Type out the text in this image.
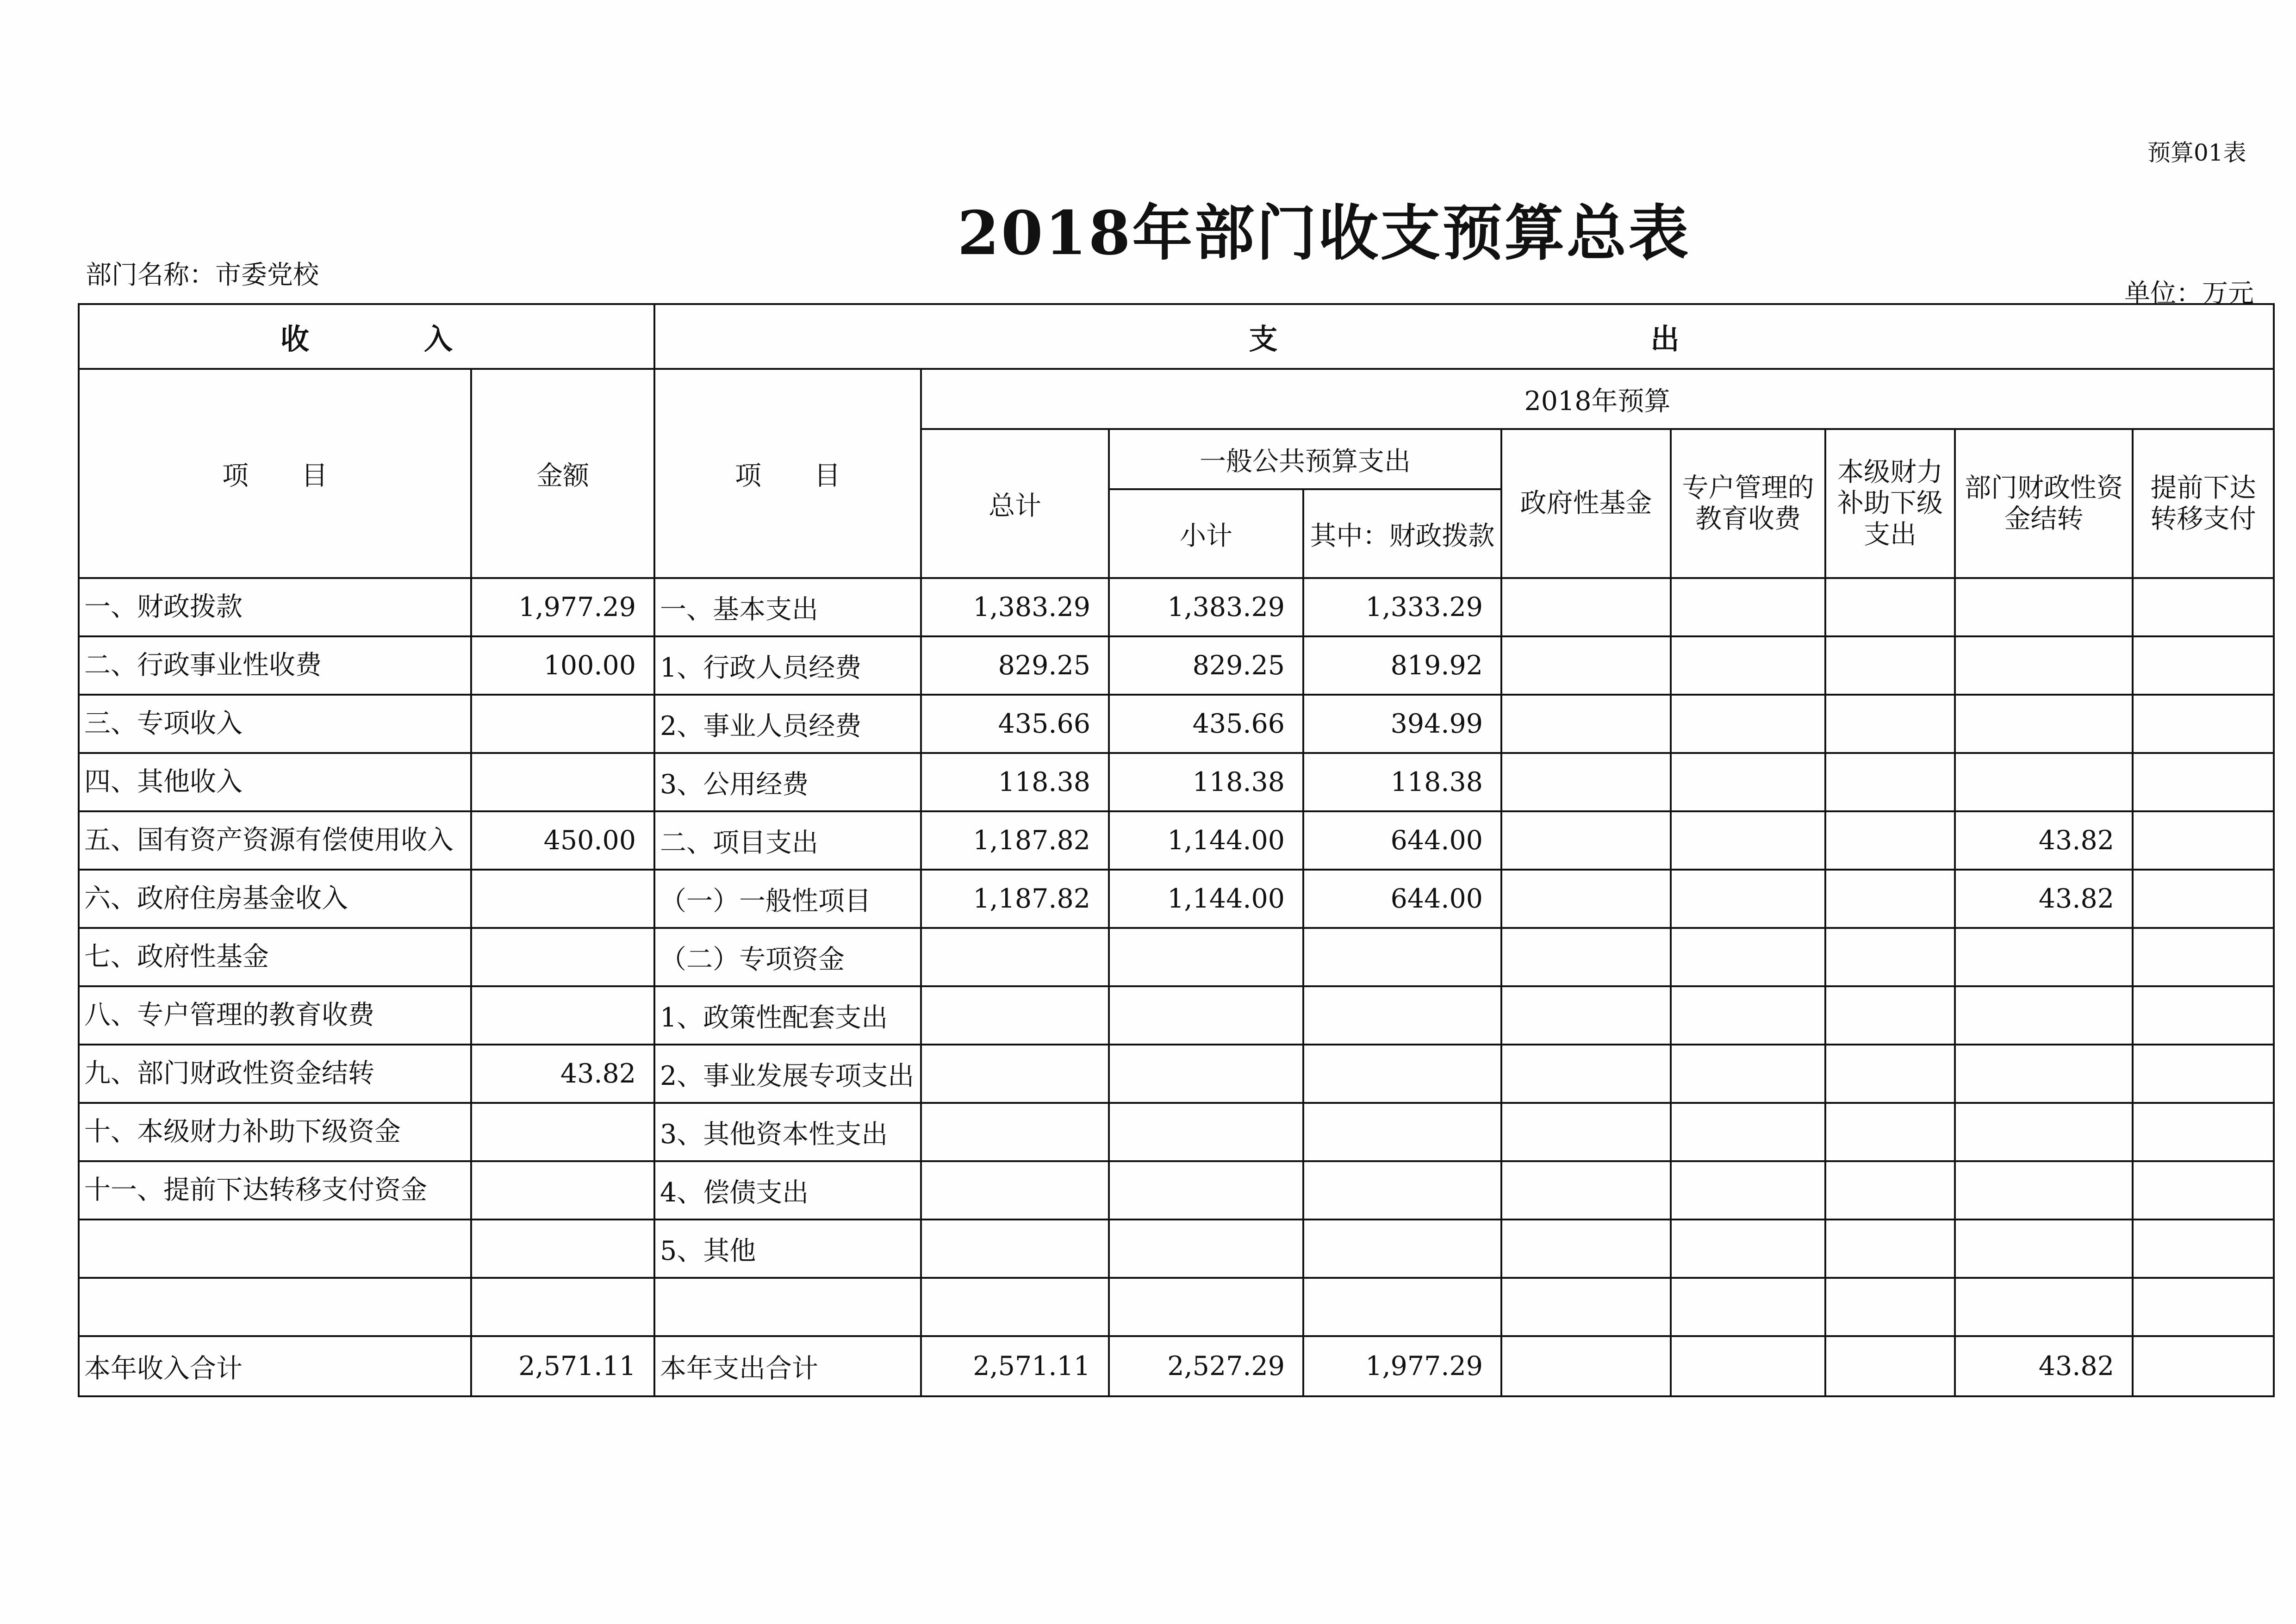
预算01表
2018年部门收支预算总表
部门名称：市委党校
单位：万元
收　　　　入		支　　　　　　　　　　　　　出								
项　　目	金额	项　　目	2018年预算							
			总计	一般公共预算支出		政府性基金	专户管理的教育收费	本级财力补助下级支出	部门财政性资金结转	提前下达转移支付
				小计	其中：财政拨款					
一、财政拨款	1,977.29	一、基本支出	1,383.29	1,383.29	1,333.29					
二、行政事业性收费	100.00	1、行政人员经费	829.25	829.25	819.92					
三、专项收入		2、事业人员经费	435.66	435.66	394.99					
四、其他收入		3、公用经费	118.38	118.38	118.38					
五、国有资产资源有偿使用收入	450.00	二、项目支出	1,187.82	1,144.00	644.00				43.82	
六、政府住房基金收入		（一）一般性项目	1,187.82	1,144.00	644.00				43.82	
七、政府性基金		（二）专项资金								
八、专户管理的教育收费		1、政策性配套支出								
九、部门财政性资金结转	43.82	2、事业发展专项支出								
十、本级财力补助下级资金		3、其他资本性支出								
十一、提前下达转移支付资金		4、偿债支出								
		5、其他								

本年收入合计	2,571.11	本年支出合计	2,571.11	2,527.29	1,977.29				43.82	
